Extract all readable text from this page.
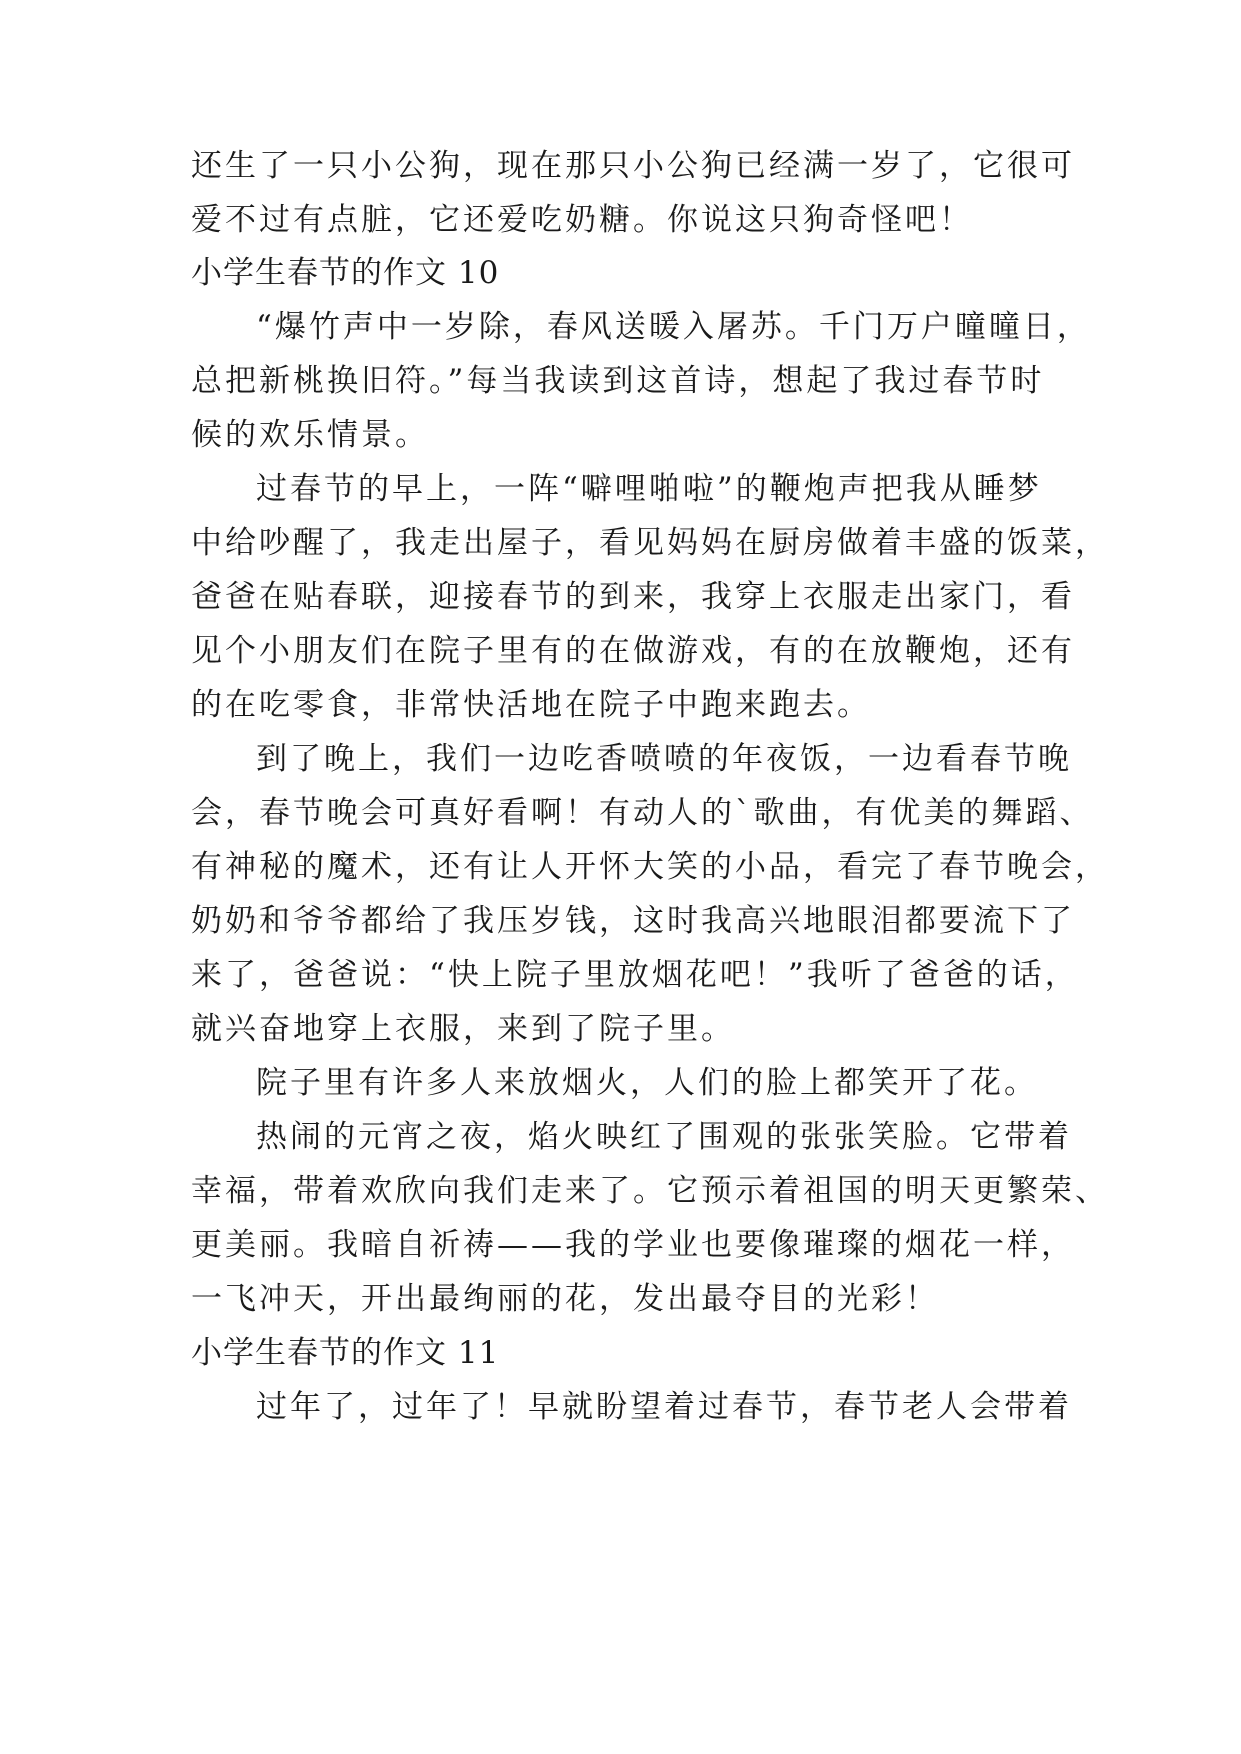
还生了一只小公狗，现在那只小公狗已经满一岁了，它很可
爱不过有点脏，它还爱吃奶糖。你说这只狗奇怪吧！
小学生春节的作文 10
“爆竹声中一岁除，春风送暖入屠苏。千门万户曈曈日，
总把新桃换旧符。”每当我读到这首诗，想起了我过春节时
候的欢乐情景。
过春节的早上，一阵“噼哩啪啦”的鞭炮声把我从睡梦
中给吵醒了，我走出屋子，看见妈妈在厨房做着丰盛的饭菜，
爸爸在贴春联，迎接春节的到来，我穿上衣服走出家门，看
见个小朋友们在院子里有的在做游戏，有的在放鞭炮，还有
的在吃零食，非常快活地在院子中跑来跑去。
到了晚上，我们一边吃香喷喷的年夜饭，一边看春节晚
会，春节晚会可真好看啊！有动人的`歌曲，有优美的舞蹈、
有神秘的魔术，还有让人开怀大笑的小品，看完了春节晚会，
奶奶和爷爷都给了我压岁钱，这时我高兴地眼泪都要流下了
来了，爸爸说：“快上院子里放烟花吧！”我听了爸爸的话，
就兴奋地穿上衣服，来到了院子里。
院子里有许多人来放烟火，人们的脸上都笑开了花。
热闹的元宵之夜，焰火映红了围观的张张笑脸。它带着
幸福，带着欢欣向我们走来了。它预示着祖国的明天更繁荣、
更美丽。我暗自祈祷——我的学业也要像璀璨的烟花一样，
一飞冲天，开出最绚丽的花，发出最夺目的光彩！
小学生春节的作文 11
过年了，过年了！早就盼望着过春节，春节老人会带着
